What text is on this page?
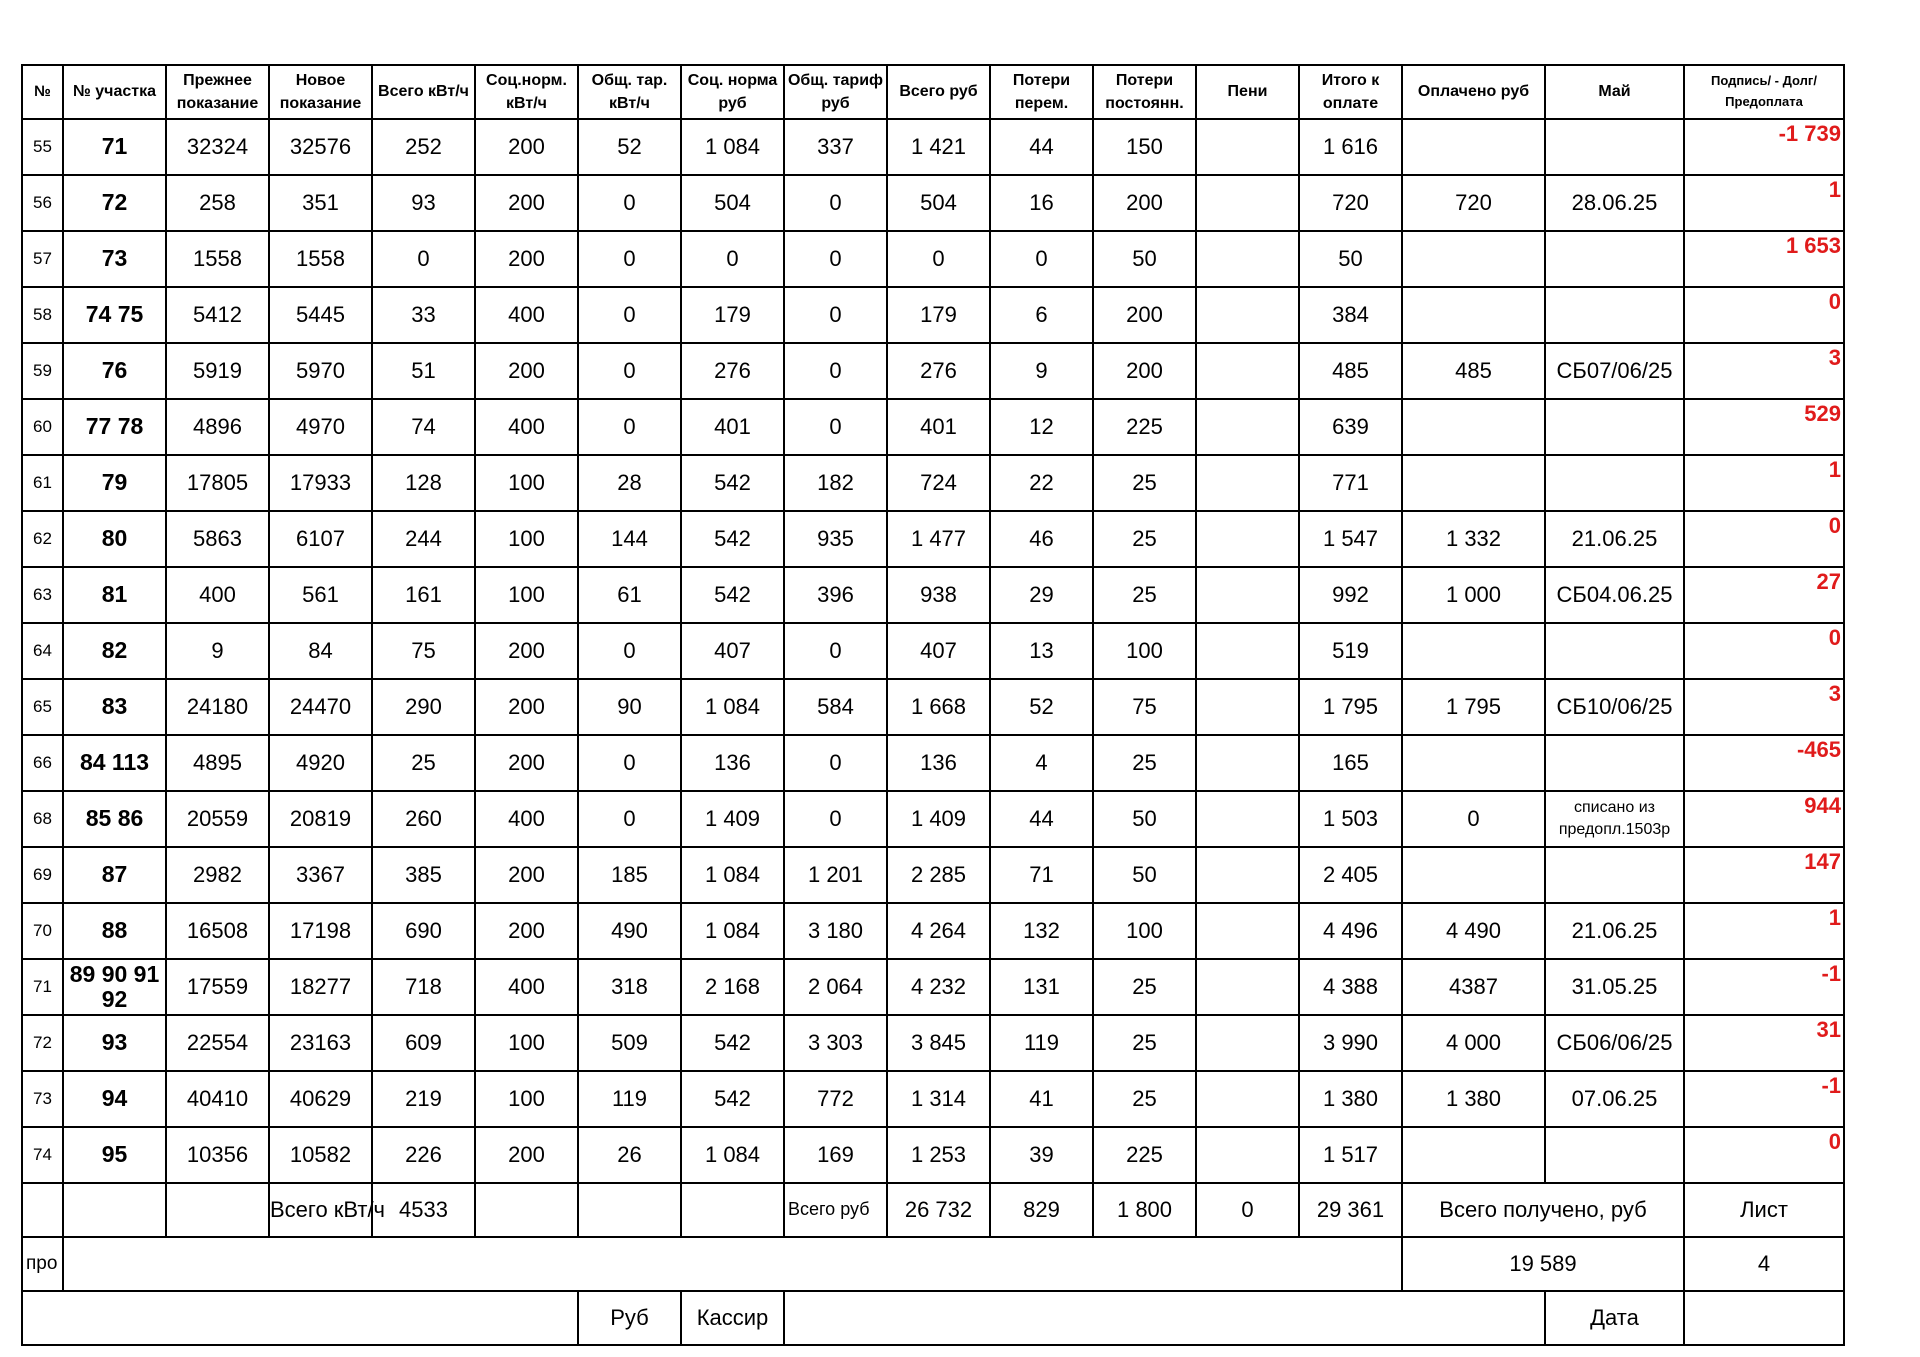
№	№ участка	Прежнее показание	Новое показание	Всего кВт/ч	Соц.норм. кВт/ч	Общ. тар. кВт/ч	Соц. норма руб	Общ. тариф руб	Всего руб	Потери перем.	Потери постоянн.	Пени	Итого к оплате	Оплачено руб	Май	Подпись/ - Долг/Предоплата
55	71	32324	32576	252	200	52	1 084	337	1 421	44	150		1 616			-1 739
56	72	258	351	93	200	0	504	0	504	16	200		720	720	28.06.25	1
57	73	1558	1558	0	200	0	0	0	0	0	50		50			1 653
58	74 75	5412	5445	33	400	0	179	0	179	6	200		384			0
59	76	5919	5970	51	200	0	276	0	276	9	200		485	485	СБ07/06/25	3
60	77 78	4896	4970	74	400	0	401	0	401	12	225		639			529
61	79	17805	17933	128	100	28	542	182	724	22	25		771			1
62	80	5863	6107	244	100	144	542	935	1 477	46	25		1 547	1 332	21.06.25	0
63	81	400	561	161	100	61	542	396	938	29	25		992	1 000	СБ04.06.25	27
64	82	9	84	75	200	0	407	0	407	13	100		519			0
65	83	24180	24470	290	200	90	1 084	584	1 668	52	75		1 795	1 795	СБ10/06/25	3
66	84 113	4895	4920	25	200	0	136	0	136	4	25		165			-465
68	85 86	20559	20819	260	400	0	1 409	0	1 409	44	50		1 503	0	списано из предопл.1503р	944
69	87	2982	3367	385	200	185	1 084	1 201	2 285	71	50		2 405			147
70	88	16508	17198	690	200	490	1 084	3 180	4 264	132	100		4 496	4 490	21.06.25	1
71	89 90 91 92	17559	18277	718	400	318	2 168	2 064	4 232	131	25		4 388	4387	31.05.25	-1
72	93	22554	23163	609	100	509	542	3 303	3 845	119	25		3 990	4 000	СБ06/06/25	31
73	94	40410	40629	219	100	119	542	772	1 314	41	25		1 380	1 380	07.06.25	-1
74	95	10356	10582	226	200	26	1 084	169	1 253	39	225		1 517			0
			Всего кВт/ч	4533				Всего руб	26 732	829	1 800	0	29 361	Всего получено, руб		Лист
про														19 589		4
						Руб	Кассир								Дата	
